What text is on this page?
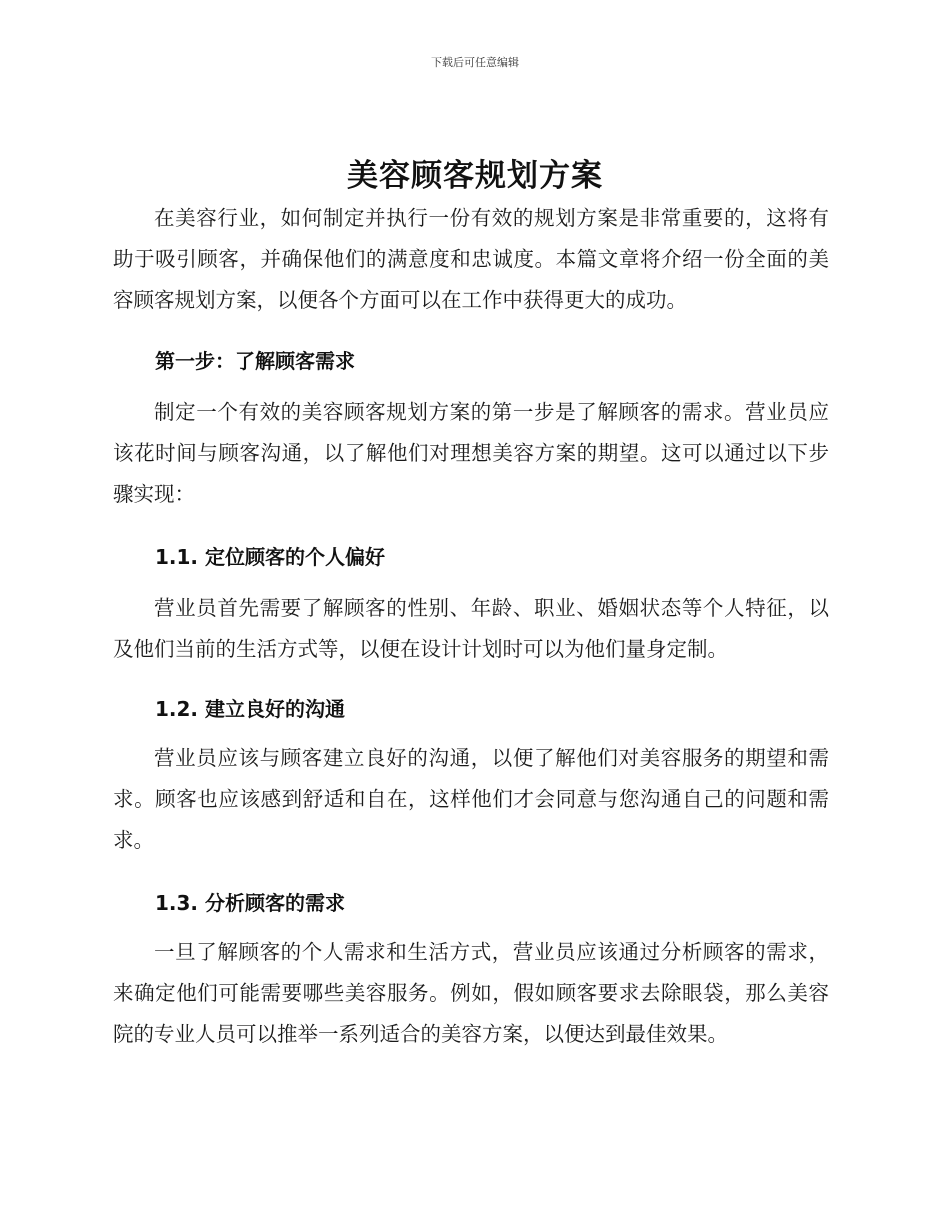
下载后可任意编辑
美容顾客规划方案

在美容行业，如何制定并执行一份有效的规划方案是非常重要的，这将有助于吸引顾客，并确保他们的满意度和忠诚度。本篇文章将介绍一份全面的美容顾客规划方案，以便各个方面可以在工作中获得更大的成功。

第一步：了解顾客需求

制定一个有效的美容顾客规划方案的第一步是了解顾客的需求。营业员应该花时间与顾客沟通，以了解他们对理想美容方案的期望。这可以通过以下步骤实现：

1.1. 定位顾客的个人偏好

营业员首先需要了解顾客的性别、年龄、职业、婚姻状态等个人特征，以及他们当前的生活方式等，以便在设计计划时可以为他们量身定制。

1.2. 建立良好的沟通

营业员应该与顾客建立良好的沟通，以便了解他们对美容服务的期望和需求。顾客也应该感到舒适和自在，这样他们才会同意与您沟通自己的问题和需求。

1.3. 分析顾客的需求

一旦了解顾客的个人需求和生活方式，营业员应该通过分析顾客的需求，来确定他们可能需要哪些美容服务。例如，假如顾客要求去除眼袋，那么美容院的专业人员可以推举一系列适合的美容方案，以便达到最佳效果。
